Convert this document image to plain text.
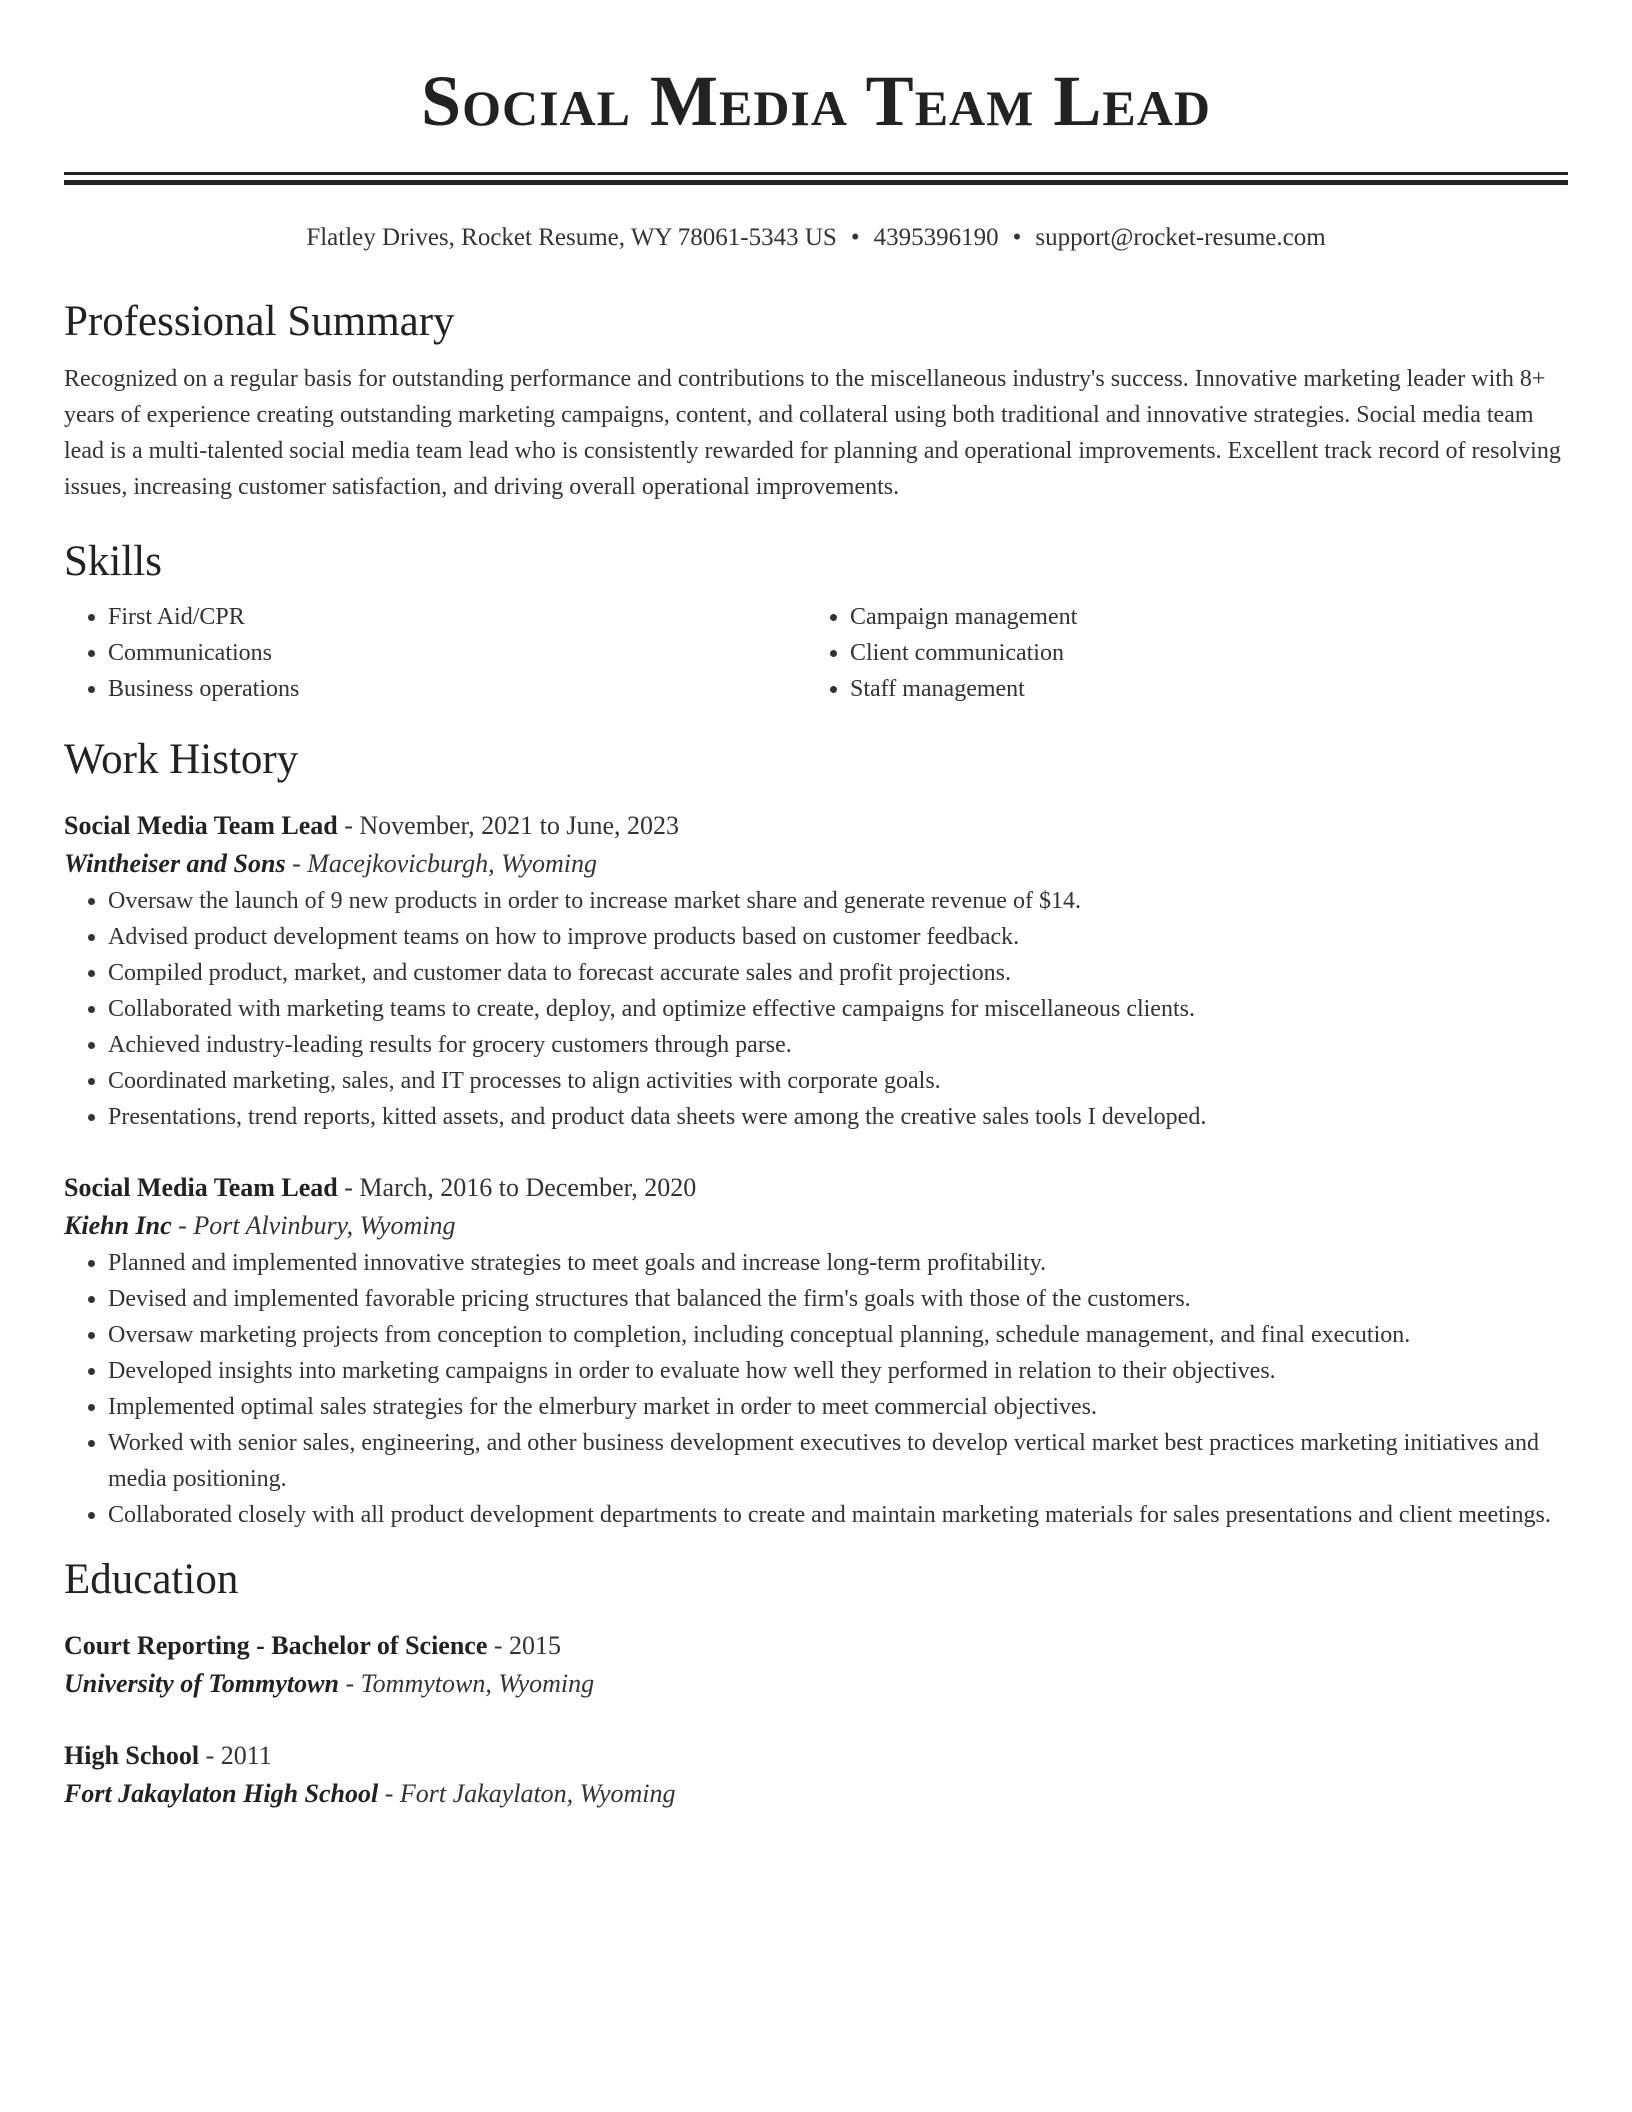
Social Media Team Lead
Flatley Drives, Rocket Resume, WY 78061-5343 US • 4395396190 • support@rocket-resume.com
Professional Summary

Recognized on a regular basis for outstanding performance and contributions to the miscellaneous industry's success. Innovative marketing leader with 8+ years of experience creating outstanding marketing campaigns, content, and collateral using both traditional and innovative strategies. Social media team lead is a multi-talented social media team lead who is consistently rewarded for planning and operational improvements. Excellent track record of resolving issues, increasing customer satisfaction, and driving overall operational improvements.

Skills
• First Aid/CPR
• Communications
• Business operations
• Campaign management
• Client communication
• Staff management
Work History
Social Media Team Lead - November, 2021 to June, 2023
Wintheiser and Sons - Macejkovicburgh, Wyoming
• Oversaw the launch of 9 new products in order to increase market share and generate revenue of $14.
• Advised product development teams on how to improve products based on customer feedback.
• Compiled product, market, and customer data to forecast accurate sales and profit projections.
• Collaborated with marketing teams to create, deploy, and optimize effective campaigns for miscellaneous clients.
• Achieved industry-leading results for grocery customers through parse.
• Coordinated marketing, sales, and IT processes to align activities with corporate goals.
• Presentations, trend reports, kitted assets, and product data sheets were among the creative sales tools I developed.
Social Media Team Lead - March, 2016 to December, 2020
Kiehn Inc - Port Alvinbury, Wyoming
• Planned and implemented innovative strategies to meet goals and increase long-term profitability.
• Devised and implemented favorable pricing structures that balanced the firm's goals with those of the customers.
• Oversaw marketing projects from conception to completion, including conceptual planning, schedule management, and final execution.
• Developed insights into marketing campaigns in order to evaluate how well they performed in relation to their objectives.
• Implemented optimal sales strategies for the elmerbury market in order to meet commercial objectives.
• Worked with senior sales, engineering, and other business development executives to develop vertical market best practices marketing initiatives and media positioning.
• Collaborated closely with all product development departments to create and maintain marketing materials for sales presentations and client meetings.
Education
Court Reporting - Bachelor of Science - 2015
University of Tommytown - Tommytown, Wyoming
High School - 2011
Fort Jakaylaton High School - Fort Jakaylaton, Wyoming
